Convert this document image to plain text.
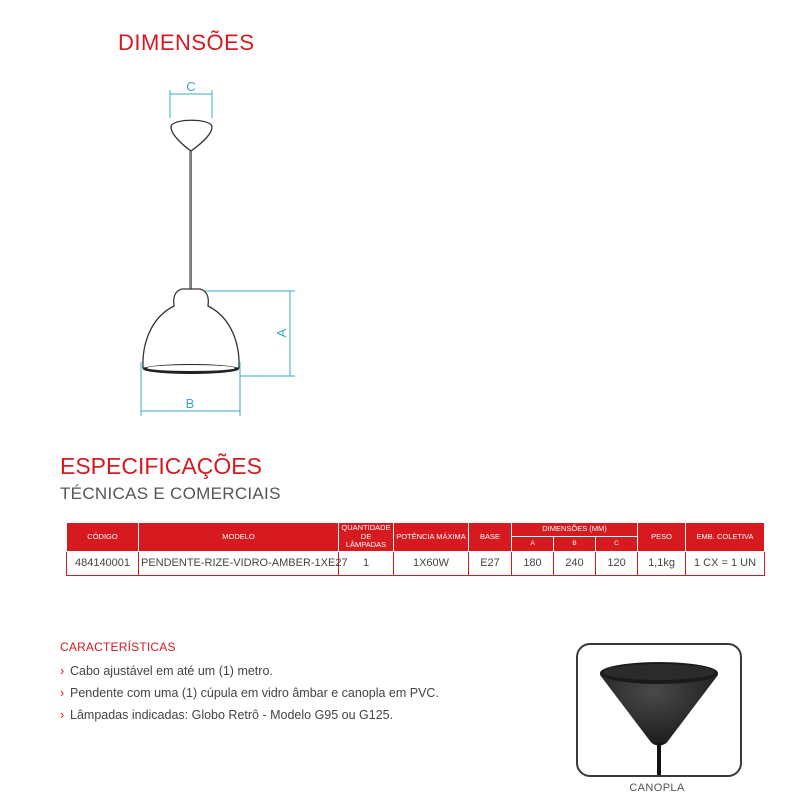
DIMENSÕES
C
A
B
ESPECIFICAÇÕES
TÉCNICAS E COMERCIAIS
CÓDIGO	MODELO	QUANTIDADE DE LÂMPADAS	POTÊNCIA MÁXIMA	BASE	DIMENSÕES (MM)			PESO	EMB. COLETIVA
					A	B	C		
484140001	PENDENTE-RIZE-VIDRO-AMBER-1XE27	1	1X60W	E27	180	240	120	1,1kg	1 CX = 1 UN
CARACTERÍSTICAS
› Cabo ajustável em até um (1) metro.
› Pendente com uma (1) cúpula em vidro âmbar e canopla em PVC.
› Lâmpadas indicadas: Globo Retrô - Modelo G95 ou G125.
CANOPLA
